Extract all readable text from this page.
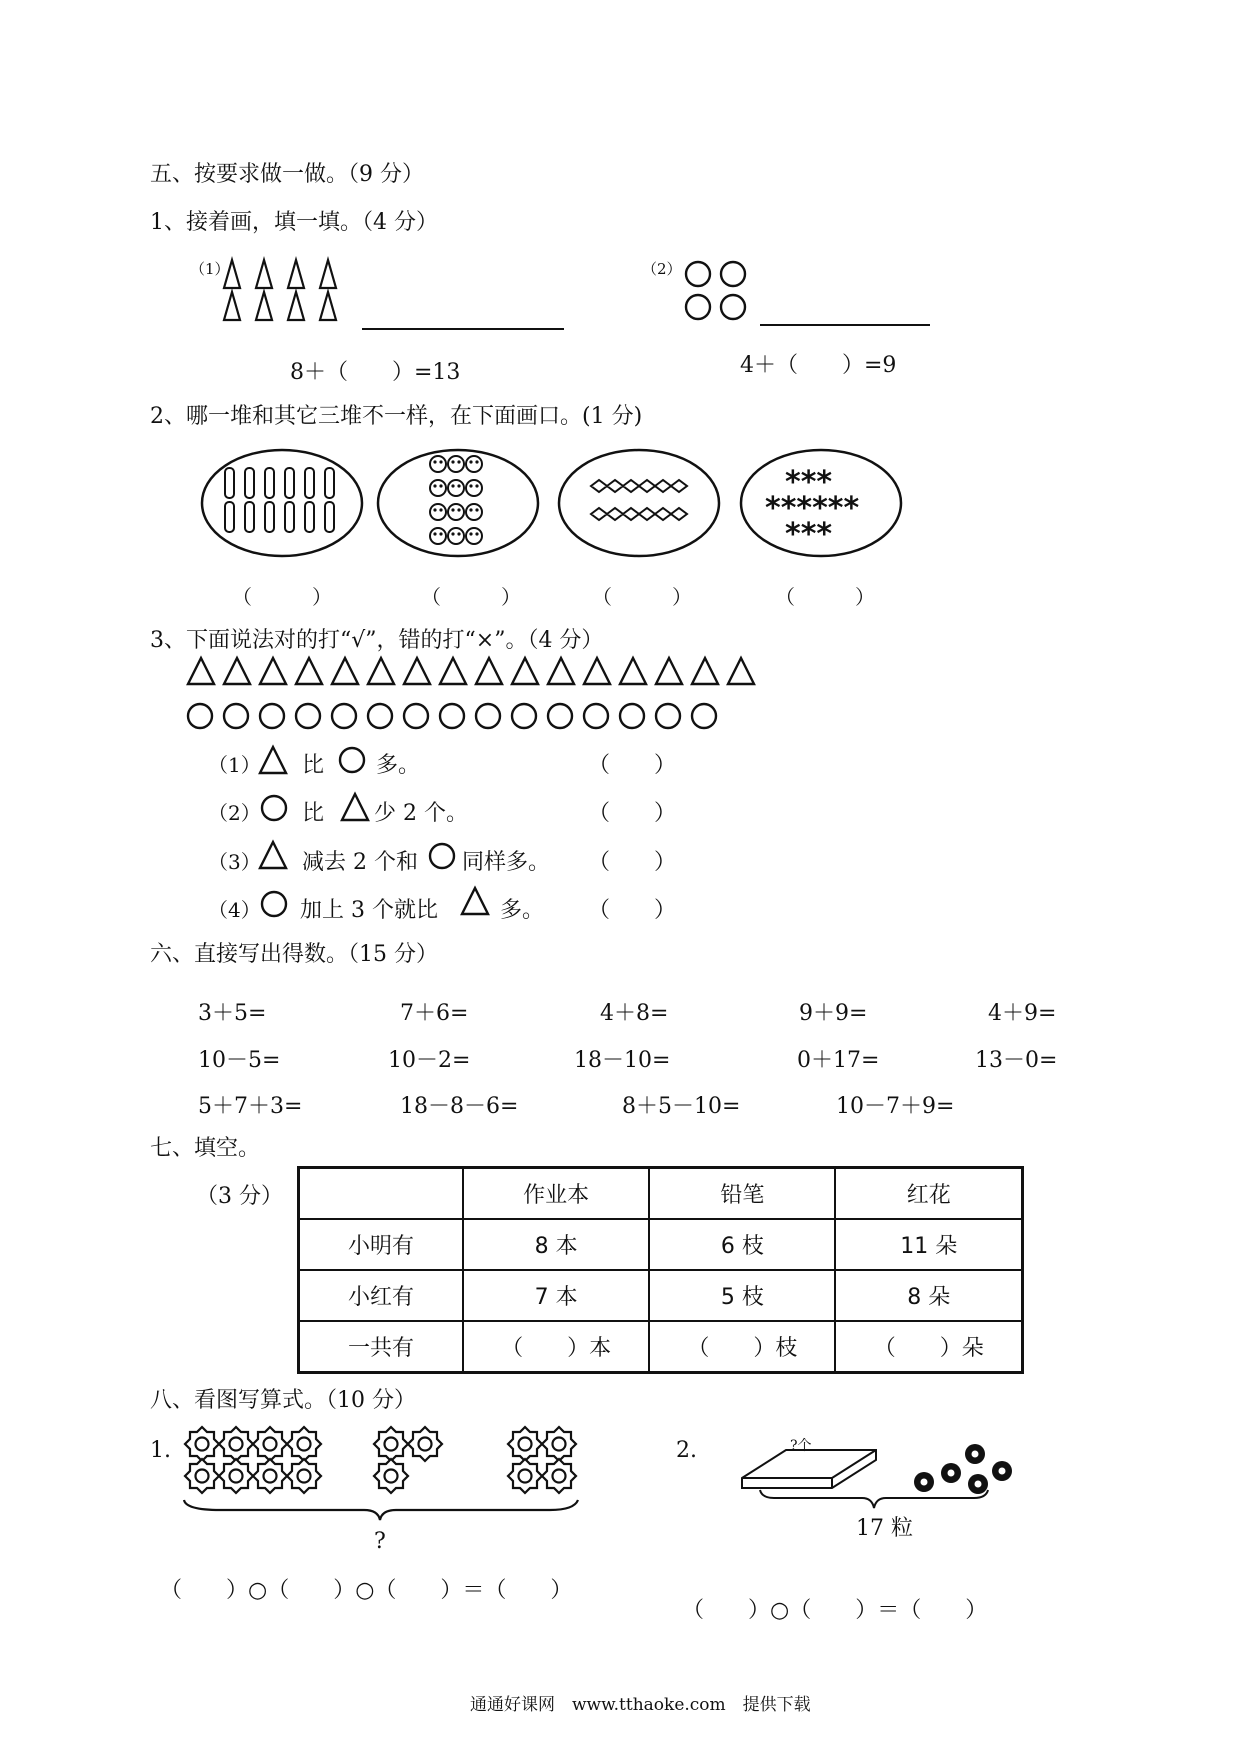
五、按要求做一做。（9 分）
1、接着画，填一填。（4 分）
（1）
8＋（　　）=13
（2）
4＋（　　）=9
2、哪一堆和其它三堆不一样，在下面画口。(1 分)
***
******
***
（　　　）	（　　　）	（　　　）	（　　　）
3、下面说法对的打“√”，错的打“×”。（4 分）
（1） 比 多。	（　　）
（2） 比 少 2 个。	（　　）
（3） 减去 2 个和 同样多。 （　　）
（4） 加上 3 个就比	多。 （　　）
六、直接写出得数。（15 分）
3＋5=	7＋6=	4＋8=	9＋9=	4＋9=
10－5=	10－2=	18－10=	0＋17=	13－0=
5＋7＋3=	18－8－6=	8＋5－10=	10－7＋9=
七、填空。
（3 分）
		作业本	铅笔	红花
小明有	8 本	6 枝	11 朵
小红有	7 本	5 枝	8 朵
一共有	（　　）本	（　　）枝	（　　）朵
八、看图写算式。（10 分）
1.
?
（　　）○（　　）○（　　）＝（　　）
2.	?个
17 粒
（　　）○（　　）＝（　　）
通通好课网　www.tthaoke.com　提供下载
